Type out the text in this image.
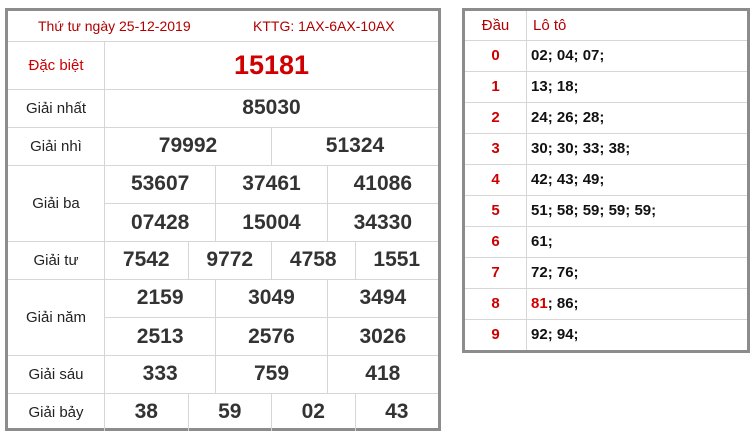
Thứ tư ngày 25-12-2019	KTTG: 1AX-6AX-10AX
Đặc biệt	15181
Giải nhất	85030
Giải nhì	79992	51324
Giải ba
53607	37461	41086
07428	15004	34330
Giải tư	7542	9772	4758	1551
Giải năm
2159	3049	3494
2513	2576	3026
Giải sáu	333	759	418
Giải bảy	38	59	02	43
Đầu	Lô tô
0	02 ; 04 ; 07 ;
1	13 ; 18 ;
2	24 ; 26 ; 28 ;
3	30 ; 30 ; 33 ; 38 ;
4	42 ; 43 ; 49 ;
5	51 ; 58 ; 59 ; 59 ; 59 ;
6	61 ;
7	72 ; 76 ;
8	81 ; 86 ;
9	92 ; 94 ;
